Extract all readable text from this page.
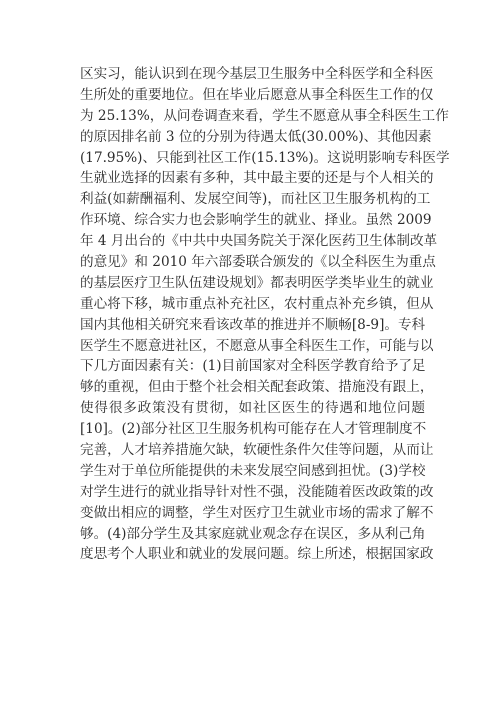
区实习，能认识到在现今基层卫生服务中全科医学和全科医
生所处的重要地位。但在毕业后愿意从事全科医生工作的仅
为 25.13%，从问卷调查来看，学生不愿意从事全科医生工作
的原因排名前 3 位的分别为待遇太低(30.00%)、其他因素
(17.95%)、只能到社区工作(15.13%)。这说明影响专科医学
生就业选择的因素有多种，其中最主要的还是与个人相关的
利益(如薪酬福利、发展空间等)，而社区卫生服务机构的工
作环境、综合实力也会影响学生的就业、择业。虽然 2009
年 4 月出台的《中共中央国务院关于深化医药卫生体制改革
的意见》和 2010 年六部委联合颁发的《以全科医生为重点
的基层医疗卫生队伍建设规划》都表明医学类毕业生的就业
重心将下移，城市重点补充社区，农村重点补充乡镇，但从
国内其他相关研究来看该改革的推进并不顺畅[8-9]。专科
医学生不愿意进社区，不愿意从事全科医生工作，可能与以
下几方面因素有关：(1)目前国家对全科医学教育给予了足
够的重视，但由于整个社会相关配套政策、措施没有跟上，
使得很多政策没有贯彻，如社区医生的待遇和地位问题
[10]。(2)部分社区卫生服务机构可能存在人才管理制度不
完善，人才培养措施欠缺，软硬性条件欠佳等问题，从而让
学生对于单位所能提供的未来发展空间感到担忧。(3)学校
对学生进行的就业指导针对性不强，没能随着医改政策的改
变做出相应的调整，学生对医疗卫生就业市场的需求了解不
够。(4)部分学生及其家庭就业观念存在误区，多从利己角
度思考个人职业和就业的发展问题。综上所述，根据国家政
